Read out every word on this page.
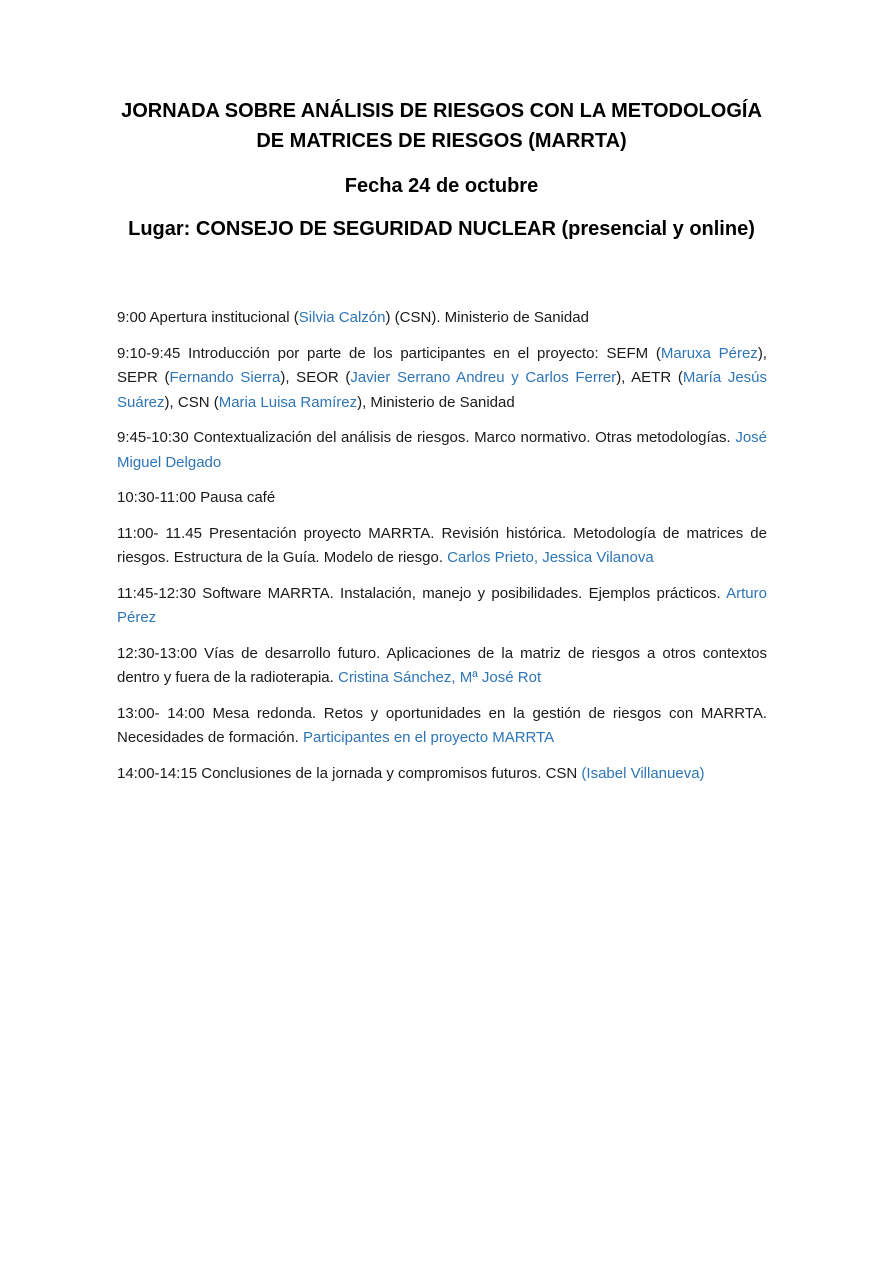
JORNADA SOBRE ANÁLISIS DE RIESGOS CON LA METODOLOGÍA
DE MATRICES DE RIESGOS (MARRTA)

Fecha 24 de octubre

Lugar: CONSEJO DE SEGURIDAD NUCLEAR (presencial y online)

9:00 Apertura institucional (Silvia Calzón) (CSN). Ministerio de Sanidad

9:10-9:45 Introducción por parte de los participantes en el proyecto: SEFM (Maruxa Pérez), SEPR (Fernando Sierra), SEOR (Javier Serrano Andreu y Carlos Ferrer), AETR (María Jesús Suárez), CSN (Maria Luisa Ramírez), Ministerio de Sanidad

9:45-10:30 Contextualización del análisis de riesgos. Marco normativo. Otras metodologías. José Miguel Delgado

10:30-11:00 Pausa café

11:00- 11.45 Presentación proyecto MARRTA. Revisión histórica. Metodología de matrices de riesgos. Estructura de la Guía. Modelo de riesgo. Carlos Prieto, Jessica Vilanova

11:45-12:30 Software MARRTA. Instalación, manejo y posibilidades. Ejemplos prácticos. Arturo Pérez

12:30-13:00 Vías de desarrollo futuro. Aplicaciones de la matriz de riesgos a otros contextos dentro y fuera de la radioterapia. Cristina Sánchez, Mª José Rot

13:00- 14:00 Mesa redonda. Retos y oportunidades en la gestión de riesgos con MARRTA. Necesidades de formación. Participantes en el proyecto MARRTA

14:00-14:15 Conclusiones de la jornada y compromisos futuros. CSN (Isabel Villanueva)
